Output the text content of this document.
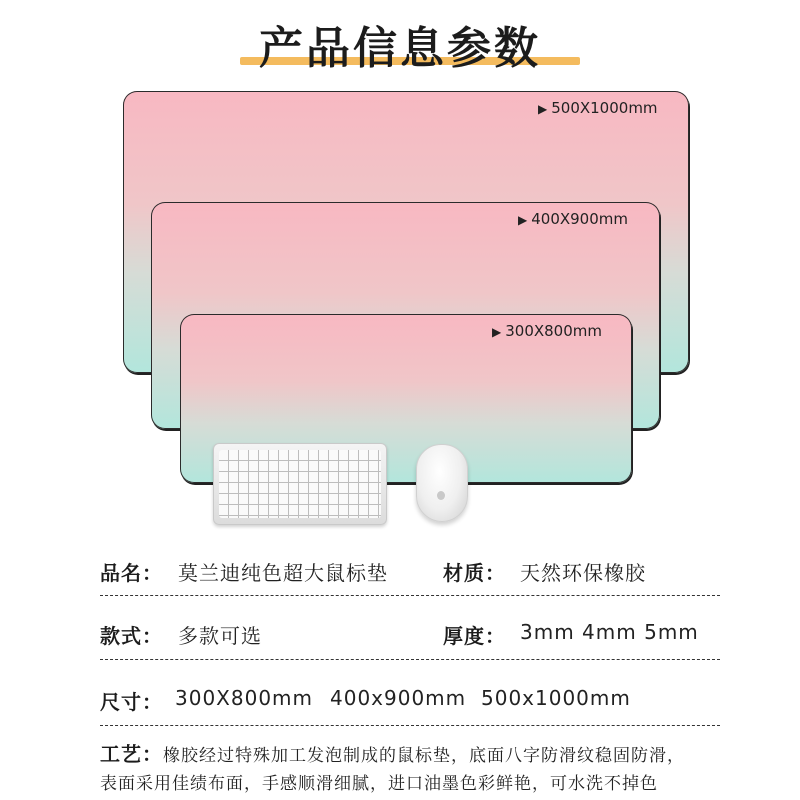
产品信息参数
▶ 500X1000mm
▶ 400X900mm
▶ 300X800mm
品名： 莫兰迪纯色超大鼠标垫	材质： 天然环保橡胶
款式： 多款可选	厚度： 3mm 4mm 5mm
尺寸： 300X800mm 400x900mm 500x1000mm
工艺：橡胶经过特殊加工发泡制成的鼠标垫，底面八字防滑纹稳固防滑，
表面采用佳绩布面，手感顺滑细腻，进口油墨色彩鲜艳，可水洗不掉色
